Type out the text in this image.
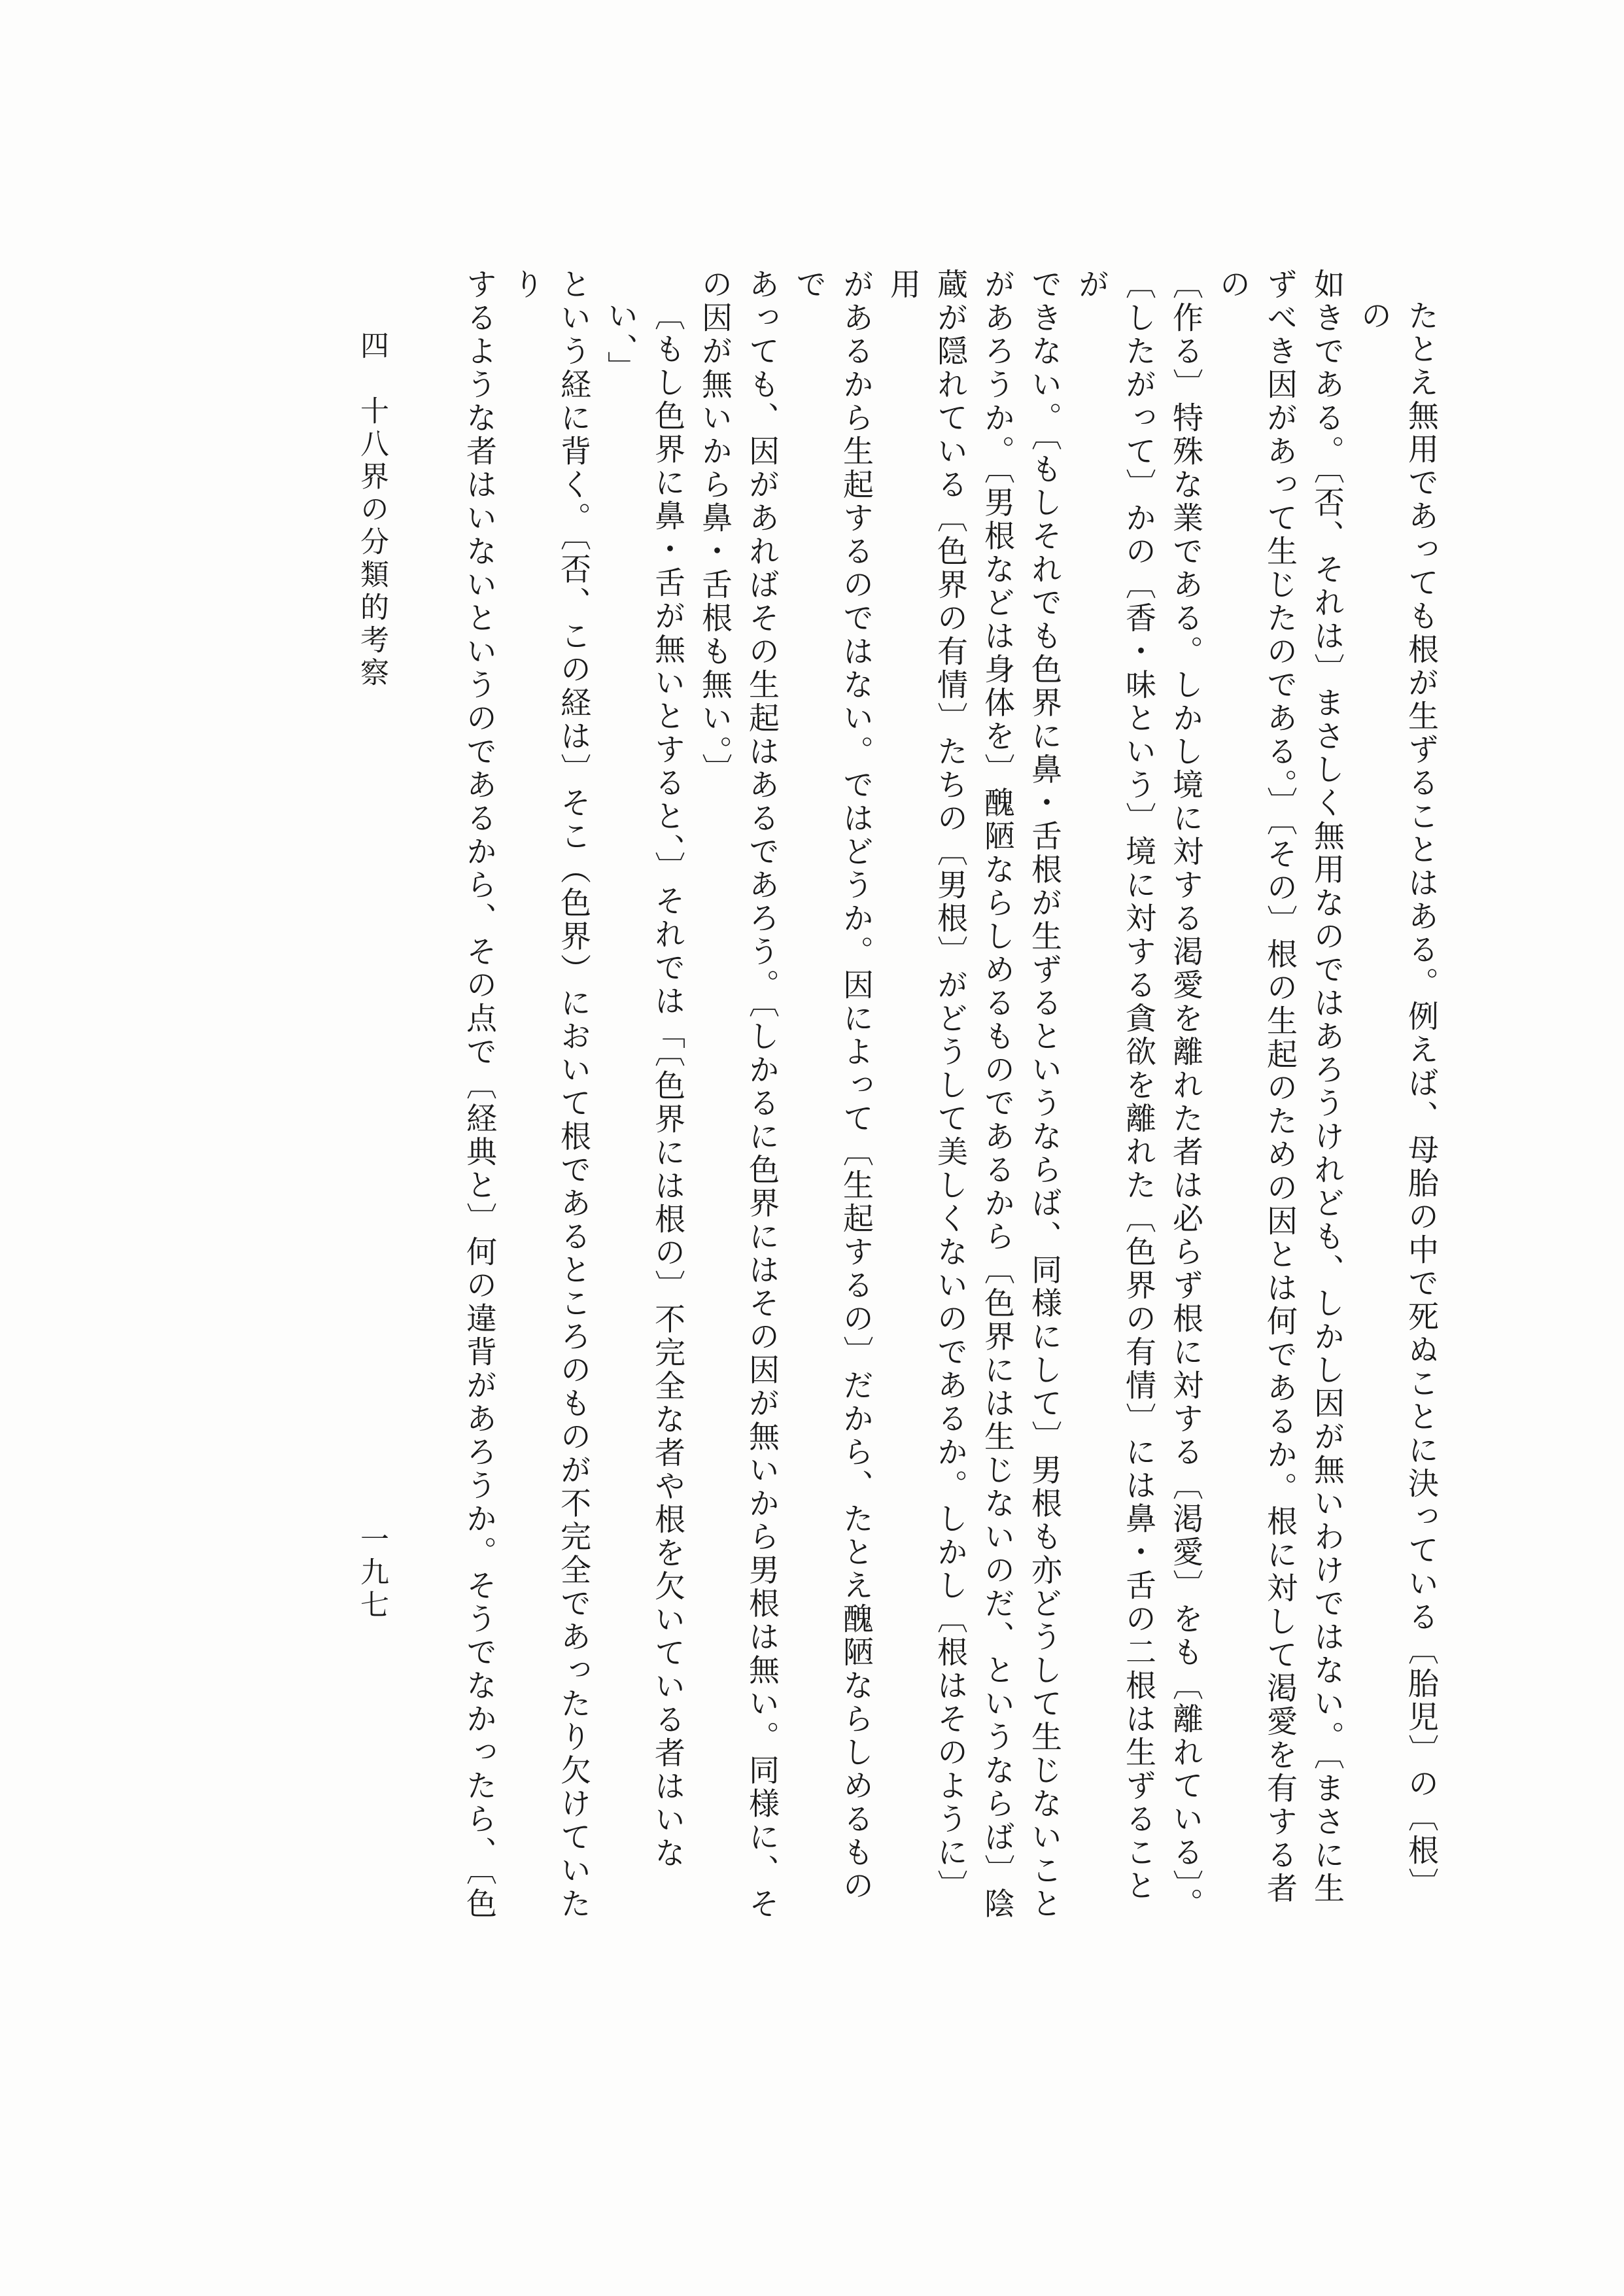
たとえ無用であっても根が生ずることはある。例えば、母胎の中で死ぬことに決っている〔胎児〕の〔根〕の

如きである。〔否、それは〕まさしく無用なのではあろうけれども、しかし因が無いわけではない。〔まさに生

ずべき因があって生じたのである。〕〔その〕根の生起のための因とは何であるか。根に対して渇愛を有する者の

〔作る〕特殊な業である。しかし境に対する渇愛を離れた者は必らず根に対する〔渇愛〕をも〔離れている〕。

〔したがって〕かの〔香・味という〕境に対する貪欲を離れた〔色界の有情〕には鼻・舌の二根は生ずることが

できない。〔もしそれでも色界に鼻・舌根が生ずるというならば、同様にして〕男根も亦どうして生じないこと

があろうか。〔男根などは身体を〕醜陋ならしめるものであるから〔色界には生じないのだ、というならば〕陰

蔵が隠れている〔色界の有情〕たちの〔男根〕がどうして美しくないのであるか。しかし〔根はそのように〕用

があるから生起するのではない。ではどうか。因によって〔生起するの〕だから、たとえ醜陋ならしめるもので

あっても、因があればその生起はあるであろう。〔しかるに色界にはその因が無いから男根は無い。同様に、そ

の因が無いから鼻・舌根も無い。〕

〔もし色界に鼻・舌が無いとすると、〕それでは「〔色界には根の〕不完全な者や根を欠いている者はいない、」

という経に背く。〔否、この経は〕そこ（色界）において根であるところのものが不完全であったり欠けていたり

するような者はいないというのであるから、その点で〔経典と〕何の違背があろうか。そうでなかったら、〔色

四　十八界の分類的考察
一九七
